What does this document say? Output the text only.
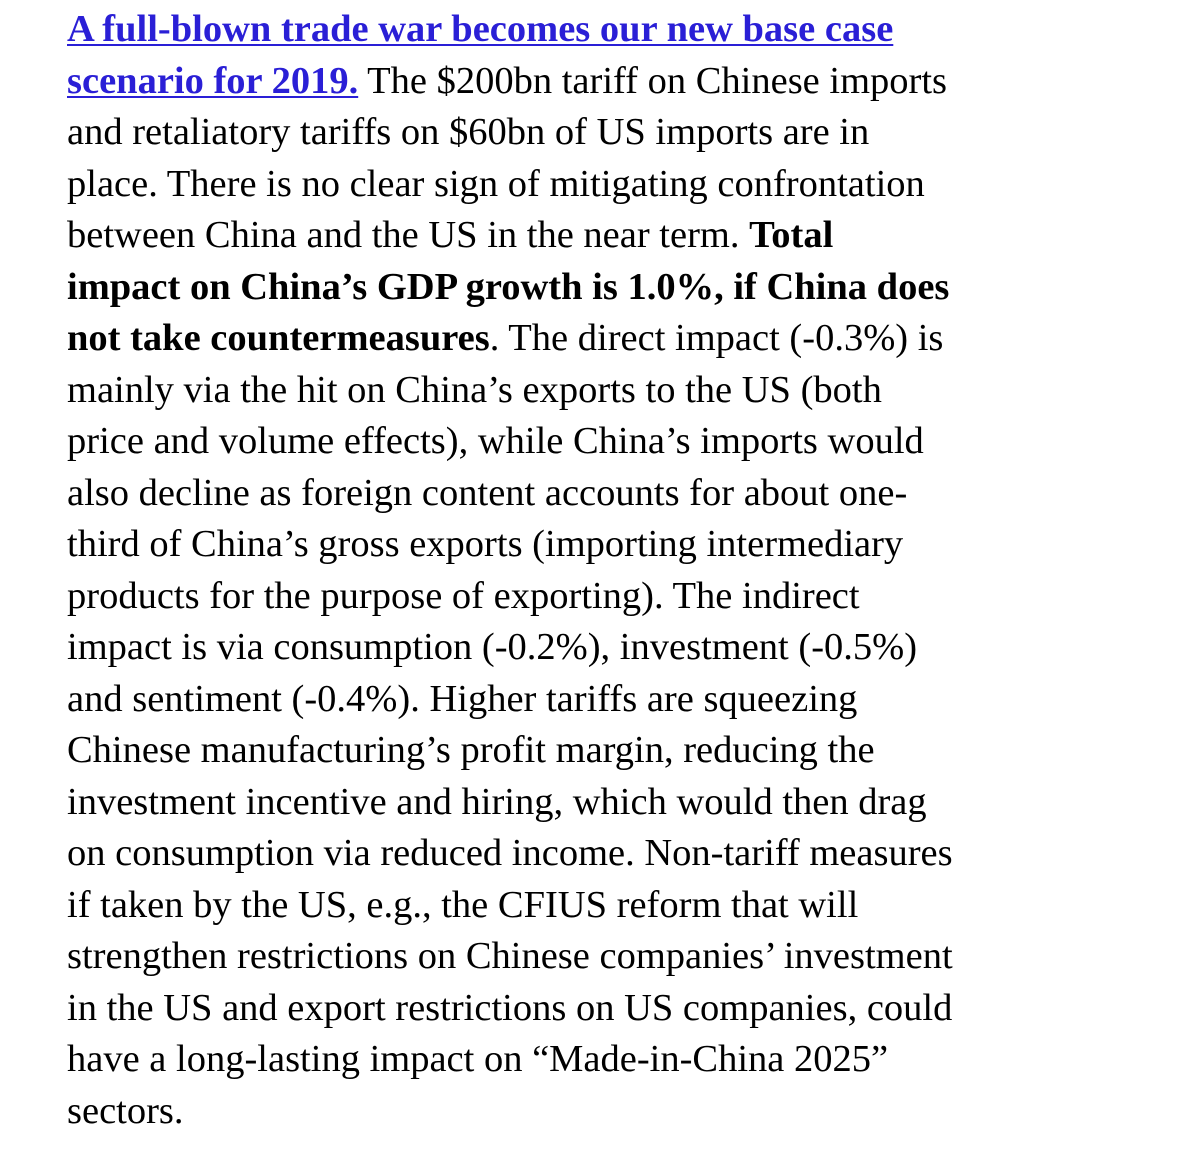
A full-blown trade war becomes our new base case
scenario for 2019. The $200bn tariff on Chinese imports
and retaliatory tariffs on $60bn of US imports are in
place. There is no clear sign of mitigating confrontation
between China and the US in the near term. Total
impact on China’s GDP growth is 1.0%, if China does
not take countermeasures. The direct impact (-0.3%) is
mainly via the hit on China’s exports to the US (both
price and volume effects), while China’s imports would
also decline as foreign content accounts for about one-
third of China’s gross exports (importing intermediary
products for the purpose of exporting). The indirect
impact is via consumption (-0.2%), investment (-0.5%)
and sentiment (-0.4%). Higher tariffs are squeezing
Chinese manufacturing’s profit margin, reducing the
investment incentive and hiring, which would then drag
on consumption via reduced income. Non-tariff measures
if taken by the US, e.g., the CFIUS reform that will
strengthen restrictions on Chinese companies’ investment
in the US and export restrictions on US companies, could
have a long-lasting impact on “Made-in-China 2025”
sectors.
